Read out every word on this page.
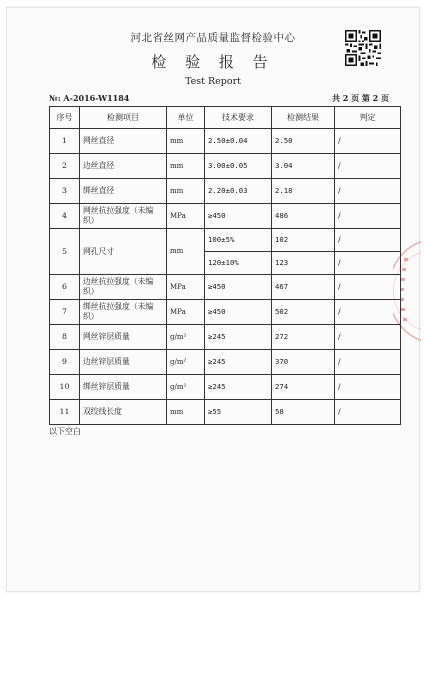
河北省丝网产品质量监督检验中心
检 验 报 告
Test Report
№: A-2016-W1184	共 2 页 第 2 页
序号	检测项目	单位	技术要求	检测结果	判定
1	网丝直径	mm	2.50±0.04	2.50	/
2	边丝直径	mm	3.00±0.05	3.04	/
3	绑丝直径	mm	2.20±0.03	2.18	/
4	网丝抗拉强度（未编织）	MPa	≥450	486	/
5	网孔尺寸	mm	100±5%	102	/
			120±10%	123	/
6	边丝抗拉强度（未编织）	MPa	≥450	467	/
7	绑丝抗拉强度（未编织）	MPa	≥450	502	/
8	网丝锌层质量	g/m²	≥245	272	/
9	边丝锌层质量	g/m²	≥245	370	/
10	绑丝锌层质量	g/m²	≥245	274	/
11	双绞线长度	mm	≥55	58	/
以下空白
